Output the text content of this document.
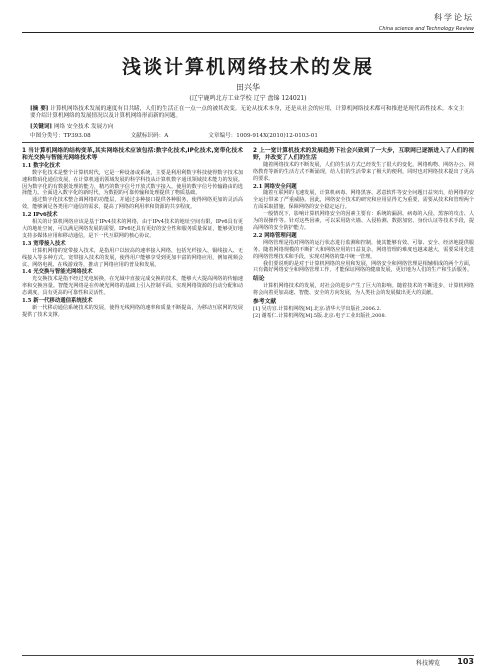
科学论坛
China science and Technology Review
浅谈计算机网络技术的发展
田兴华
(辽宁鹿鸣北方工业学校 辽宁 盘锦 124021)
[摘 要] 计算机网络技术发展的速度有目共睹，人们的生活正在一点一点的被其改变。无论从技术本身，还是从社会的应用，计算机网络技术都可和推进是现代高性技术。本文主要介绍计算机网络的发展情况以及计算机网络形而新的问题。
[关键词] 网络 安全技术 发展方向
中图分类号：TP393.08	文献标识码：A	文章编号：1009-914X(2010)12-0103-01
1 当计算机网络的结构变革,其实网络技术应该包括:数字化技术,IP化技术,宽带化技术和光交换与智能光网络技术等
1.1 数字化技术

数字化技术是整个计算机时代，它是一种设备或系统，主要是利用利数字科技使得数字技术加速和数码化通信发展，在计算机通讯领域发展的科学科技从计算机数字通讯领域技术能力的发展。因为数字化的有数据处理的能力，精巧的数字信号开放式数字接入，使用的数字信号传输路由的选择能力。全面进入数字化的新时代，为数据的可靠传输和处理提供了物质基础。

通过数字化技术整合调网络的功能层，并通过多种接口提供各种服务，使得网络更加的灵活高效，能够满足各类用户通信的需求，提高了网络的利用率和资源的共享程度。

1.2 IPv6技术

相关的计算机网络应该是基于IPv4技术的网络，由于IPv4技术的地址空间有限，IPv6具有更大的地址空间，可以满足网络发展的需要，IPv6还具有更好的安全性和服务质量保证，能够更好地支持多媒体应用和移动通信，是下一代互联网的核心协议。

1.3 宽带接入技术

计算机网络的宽带接入技术，是指用户以较高的速率接入网络，包括光纤接入、铜线接入、无线接入等多种方式。宽带接入技术的发展，使得用户能够享受到更加丰富的网络应用，例如视频会议、网络电视、在线游戏等，推动了网络应用的普及和发展。

1.4 光交换与智能光网络技术

光交换技术是指不经过光电转换，在光域中直接完成交换的技术，能够大大提高网络的传输速率和交换容量。智能光网络是在传统光网络的基础上引入控制平面，实现网络资源的自动分配和动态调度，具有更高的可靠性和灵活性。

1.5 新一代移动通信系统技术

新一代移动通信系统技术的发展，使得无线网络的速率和质量不断提高，为移动互联网的发展提供了技术支撑。

2 上一宽计算机技术的发展趋势下社会兴致到了一大步，互联网已逐渐进入了人们的视野，并改变了人们的生活

随着网络技术的不断发展，人们的生活方式已经发生了很大的变化。网络购物、网络办公、网络教育等新的生活方式不断涌现，给人们的生活带来了极大的便利，同时也对网络技术提出了更高的要求。

2.1 网络安全问题

随着互联网的飞速发展，计算机病毒、网络黑客、恶意软件等安全问题日益突出，给网络的安全运行带来了严重威胁。因此，网络安全技术的研究和应用显得尤为重要，需要从技术和管理两个方面采取措施，保障网络的安全稳定运行。

一般情况下，影响计算机网络安全的因素主要有：系统的漏洞、病毒的入侵、黑客的攻击、人为的误操作等。针对这些因素，可以采用防火墙、入侵检测、数据加密、身份认证等技术手段，提高网络的安全防护能力。

2.2 网络管理问题

网络管理是指对网络的运行状态进行监测和控制，使其能够有效、可靠、安全、经济地提供服务。随着网络规模的不断扩大和网络应用的日益复杂，网络管理的难度也越来越大，需要采用先进的网络管理技术和手段，实现对网络的集中统一管理。

我们要说明的是对于计算机网络的应用和发展，网络安全和网络管理是相辅相成的两个方面，只有做好网络安全和网络管理工作，才能保证网络的健康发展，更好地为人们的生产和生活服务。

结论

计算机网络技术的发展，对社会的进步产生了巨大的影响。随着技术的不断进步，计算机网络将会向着更加高速、智能、安全的方向发展，为人类社会的发展做出更大的贡献。

参考文献

[1] 吴功宜.计算机网络[M].北京:清华大学出版社,2006.2.

[2] 谢希仁.计算机网络[M].5版.北京:电子工业出版社,2008.

科技博览 103
